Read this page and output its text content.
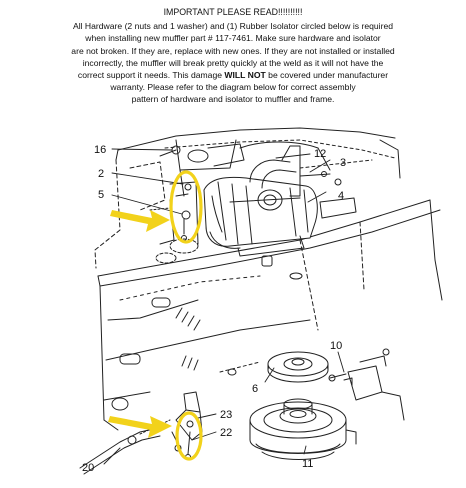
IMPORTANT PLEASE READ!!!!!!!!!!
All Hardware (2 nuts and 1 washer) and (1) Rubber Isolator circled below is required
when installing new muffler part # 117-7461. Make sure hardware and isolator
are not broken. If they are, replace with new ones. If they are not installed or installed
incorrectly, the muffler will break pretty quickly at the weld as it will not have the
correct support it needs. This damage WILL NOT be covered under manufacturer
warranty. Please refer to the diagram below for correct assembly
pattern of hardware and isolator to muffler and frame.
16	12
3
2
4
5
10
6
23
22
20	11
